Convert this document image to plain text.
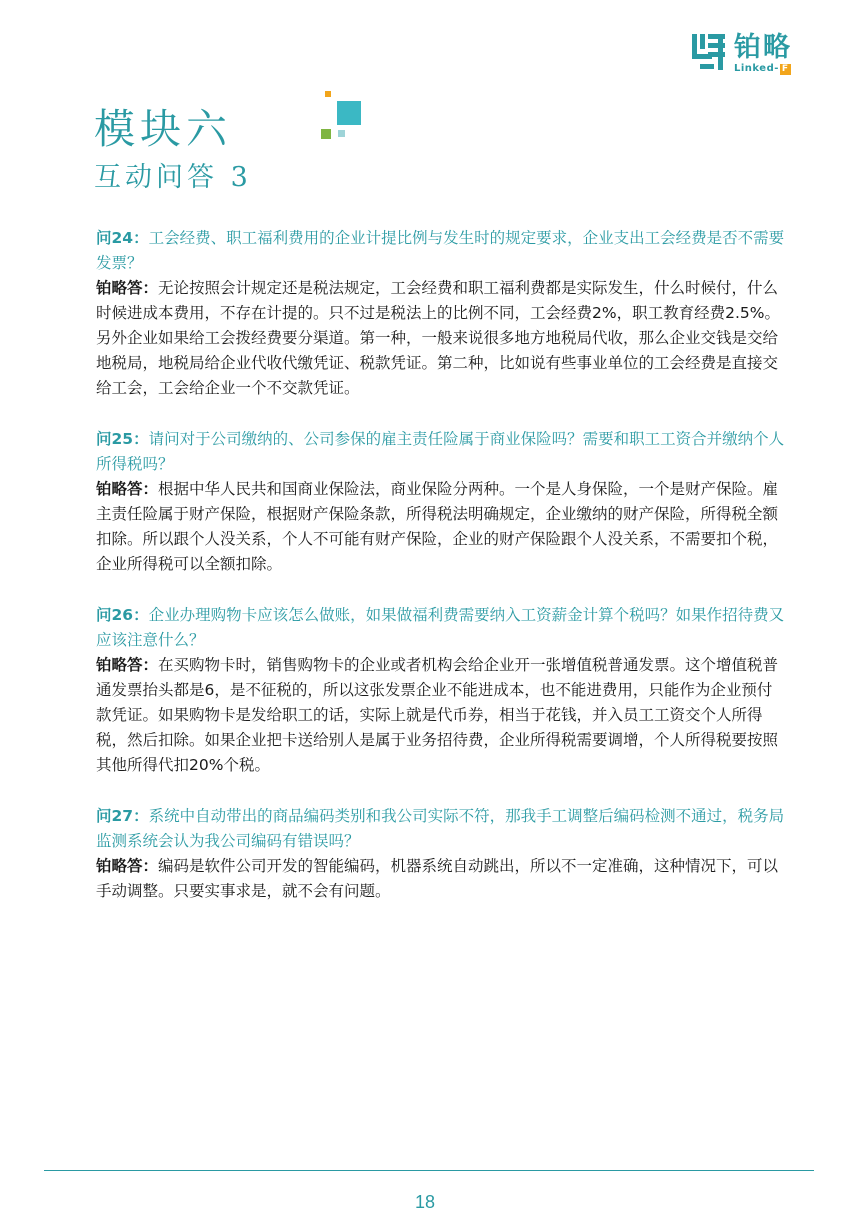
铂略
Linked- F
模块六
互动问答 3
问24：工会经费、职工福利费用的企业计提比例与发生时的规定要求，企业支出工会经费是否不需要发票？
铂略答：无论按照会计规定还是税法规定，工会经费和职工福利费都是实际发生，什么时候付，什么时候进成本费用，不存在计提的。只不过是税法上的比例不同，工会经费2%，职工教育经费2.5%。另外企业如果给工会拨经费要分渠道。第一种，一般来说很多地方地税局代收，那么企业交钱是交给地税局，地税局给企业代收代缴凭证、税款凭证。第二种，比如说有些事业单位的工会经费是直接交给工会，工会给企业一个不交款凭证。
问25：请问对于公司缴纳的、公司参保的雇主责任险属于商业保险吗？需要和职工工资合并缴纳个人所得税吗？
铂略答：根据中华人民共和国商业保险法，商业保险分两种。一个是人身保险，一个是财产保险。雇主责任险属于财产保险，根据财产保险条款，所得税法明确规定，企业缴纳的财产保险，所得税全额扣除。所以跟个人没关系，个人不可能有财产保险，企业的财产保险跟个人没关系，不需要扣个税，企业所得税可以全额扣除。
问26：企业办理购物卡应该怎么做账，如果做福利费需要纳入工资薪金计算个税吗？如果作招待费又应该注意什么？
铂略答：在买购物卡时，销售购物卡的企业或者机构会给企业开一张增值税普通发票。这个增值税普通发票抬头都是6，是不征税的，所以这张发票企业不能进成本，也不能进费用，只能作为企业预付款凭证。如果购物卡是发给职工的话，实际上就是代币券，相当于花钱，并入员工工资交个人所得税，然后扣除。如果企业把卡送给别人是属于业务招待费，企业所得税需要调增，个人所得税要按照其他所得代扣20%个税。
问27：系统中自动带出的商品编码类别和我公司实际不符，那我手工调整后编码检测不通过，税务局监测系统会认为我公司编码有错误吗？
铂略答：编码是软件公司开发的智能编码，机器系统自动跳出，所以不一定准确，这种情况下，可以手动调整。只要实事求是，就不会有问题。
18
